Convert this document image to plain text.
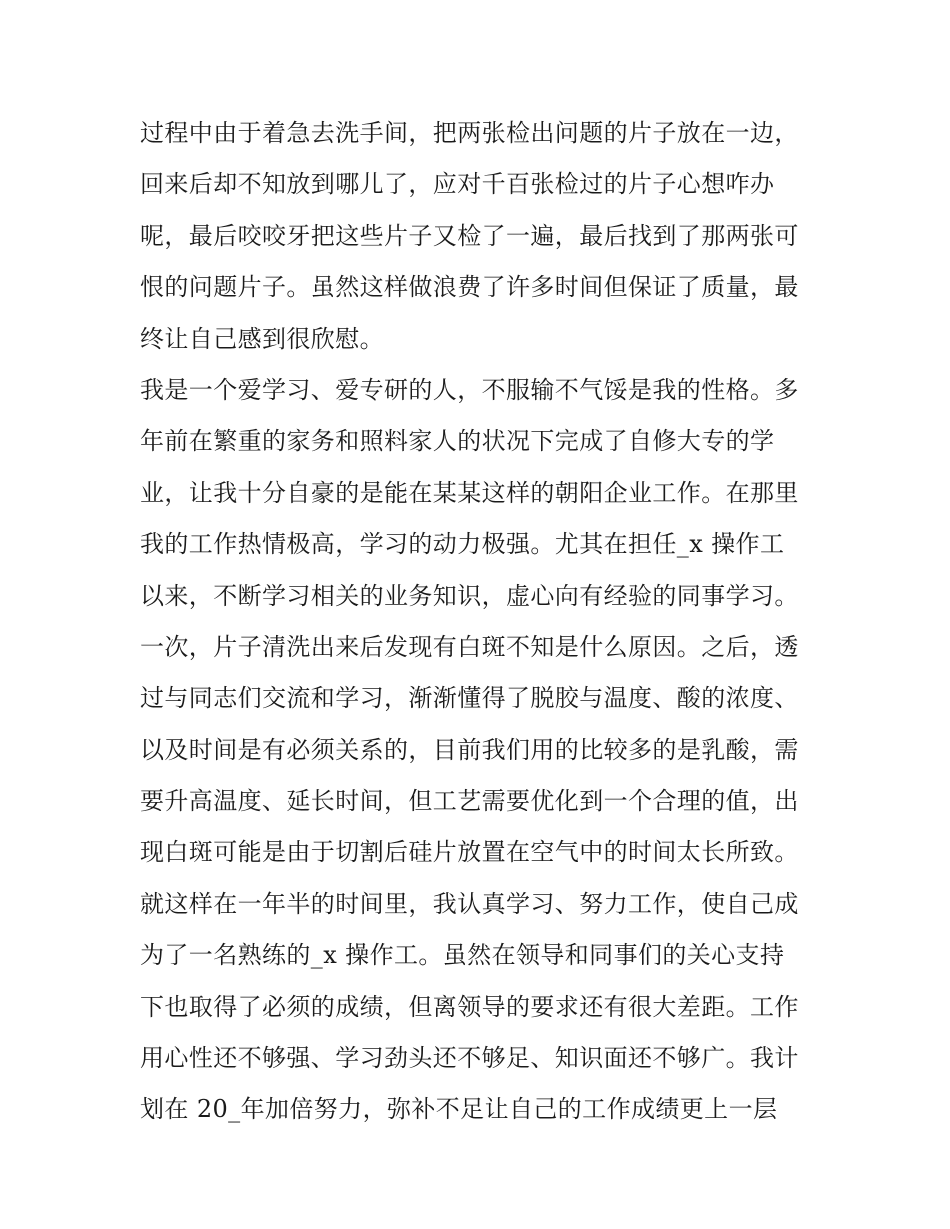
过程中由于着急去洗手间，把两张检出问题的片子放在一边，
回来后却不知放到哪儿了，应对千百张检过的片子心想咋办
呢，最后咬咬牙把这些片子又检了一遍，最后找到了那两张可
恨的问题片子。虽然这样做浪费了许多时间但保证了质量，最
终让自己感到很欣慰。
我是一个爱学习、爱专研的人，不服输不气馁是我的性格。多
年前在繁重的家务和照料家人的状况下完成了自修大专的学
业，让我十分自豪的是能在某某这样的朝阳企业工作。在那里
我的工作热情极高，学习的动力极强。尤其在担任_x 操作工
以来，不断学习相关的业务知识，虚心向有经验的同事学习。
一次，片子清洗出来后发现有白斑不知是什么原因。之后，透
过与同志们交流和学习，渐渐懂得了脱胶与温度、酸的浓度、
以及时间是有必须关系的，目前我们用的比较多的是乳酸，需
要升高温度、延长时间，但工艺需要优化到一个合理的值，出
现白斑可能是由于切割后硅片放置在空气中的时间太长所致。
就这样在一年半的时间里，我认真学习、努力工作，使自己成
为了一名熟练的_x 操作工。虽然在领导和同事们的关心支持
下也取得了必须的成绩，但离领导的要求还有很大差距。工作
用心性还不够强、学习劲头还不够足、知识面还不够广。我计
划在 20_年加倍努力，弥补不足让自己的工作成绩更上一层
